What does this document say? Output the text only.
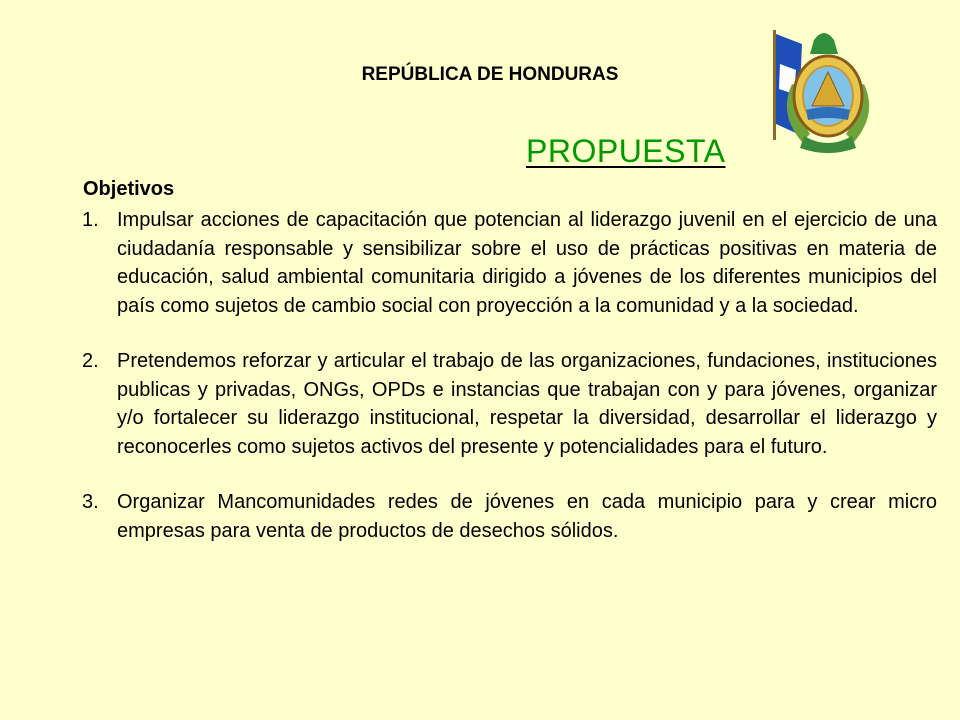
REPÚBLICA DE HONDURAS
PROPUESTA
Objetivos
1. Impulsar acciones de capacitación que potencian al liderazgo juvenil en el ejercicio de una ciudadanía responsable y sensibilizar sobre el uso de prácticas positivas en materia de educación, salud ambiental comunitaria dirigido a jóvenes de los diferentes municipios del país como sujetos de cambio social con proyección a la comunidad y a la sociedad.
2. Pretendemos reforzar y articular el trabajo de las organizaciones, fundaciones, instituciones publicas y privadas, ONGs, OPDs e instancias que trabajan con y para jóvenes, organizar y/o fortalecer su liderazgo institucional, respetar la diversidad, desarrollar el liderazgo y reconocerles como sujetos activos del presente y potencialidades para el futuro.
3. Organizar Mancomunidades redes de jóvenes en cada municipio para y crear micro empresas para venta de productos de desechos sólidos.
